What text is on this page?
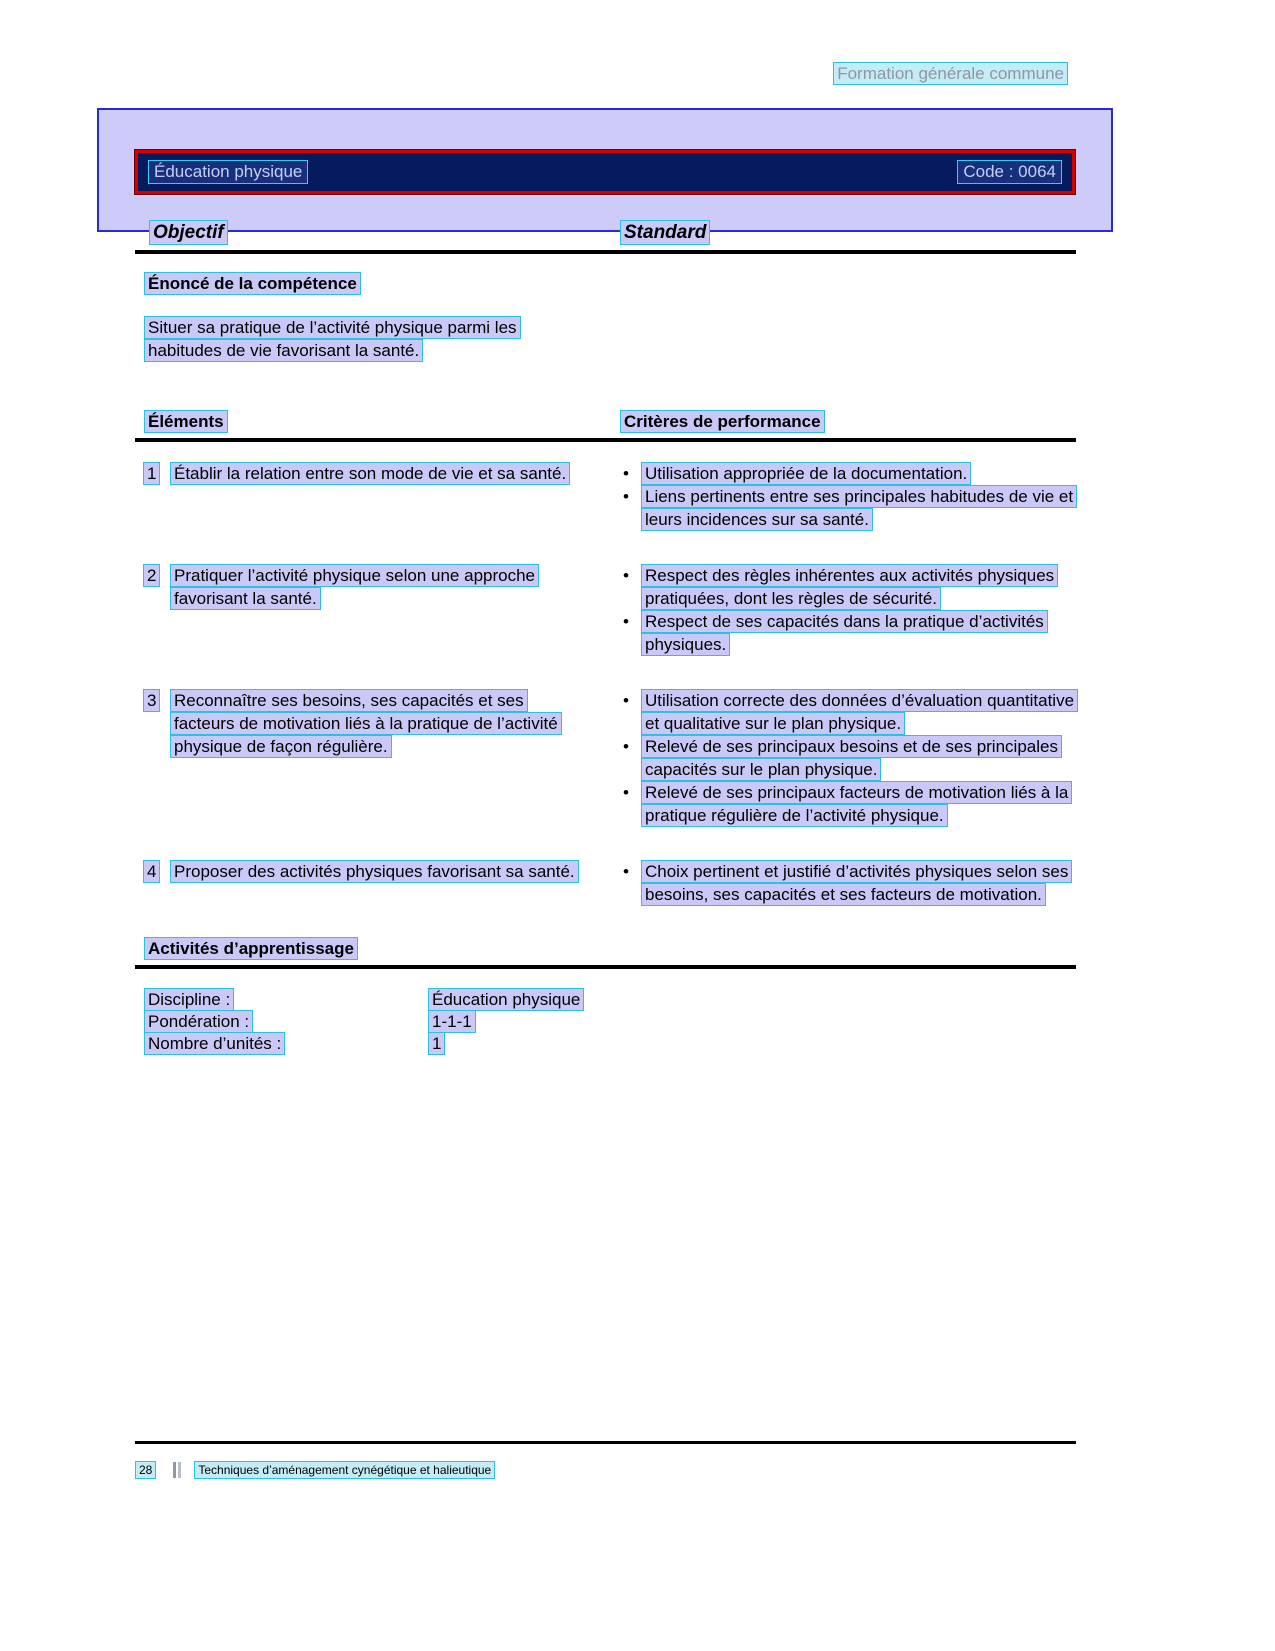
Formation générale commune
Éducation physique	Code : 0064
Objectif	Standard
Énoncé de la compétence
Situer sa pratique de l’activité physique parmi les habitudes de vie favorisant la santé.
Éléments	Critères de performance
1	Établir la relation entre son mode de vie et sa santé.	• Utilisation appropriée de la documentation.
• Liens pertinents entre ses principales habitudes de vie et leurs incidences sur sa santé.
2	Pratiquer l’activité physique selon une approche favorisant la santé.
• Respect des règles inhérentes aux activités physiques pratiquées, dont les règles de sécurité.
• Respect de ses capacités dans la pratique d’activités physiques.
3	Reconnaître ses besoins, ses capacités et ses facteurs de motivation liés à la pratique de l’activité physique de façon régulière.
• Utilisation correcte des données d’évaluation quantitative et qualitative sur le plan physique.
• Relevé de ses principaux besoins et de ses principales capacités sur le plan physique.
• Relevé de ses principaux facteurs de motivation liés à la pratique régulière de l’activité physique.
4	Proposer des activités physiques favorisant sa santé.	• Choix pertinent et justifié d’activités physiques selon ses besoins, ses capacités et ses facteurs de motivation.
Activités d’apprentissage
Discipline :	Éducation physique
Pondération :	1-1-1
Nombre d’unités :	1
28	Techniques d’aménagement cynégétique et halieutique
